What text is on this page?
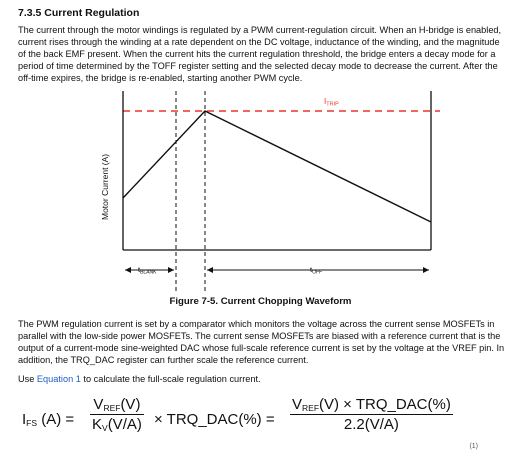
7.3.5 Current Regulation

The current through the motor windings is regulated by a PWM current-regulation circuit. When an H-bridge is enabled, current rises through the winding at a rate dependent on the DC voltage, inductance of the winding, and the magnitude of the back EMF present. When the current hits the current regulation threshold, the bridge enters a decay mode for a period of time determined by the TOFF register setting and the selected decay mode to decrease the current. After the off-time expires, the bridge is re-enabled, starting another PWM cycle.

ITRIP
Motor Current (A)
$t_{BLANK}$	$t_{OFF}$

Figure 7-5. Current Chopping Waveform

The PWM regulation current is set by a comparator which monitors the voltage across the current sense MOSFETs in parallel with the low-side power MOSFETs. The current sense MOSFETs are biased with a reference current that is the output of a current-mode sine-weighted DAC whose full-scale reference current is set by the voltage at the VREF pin. In addition, the TRQ_DAC register can further scale the reference current.

Use Equation 1 to calculate the full-scale regulation current.

$I_{FS}$ (A) =
$V_{REF}(V)$
$K_V(V/A)$ × TRQ_DAC(%) =
$V_{REF}(V)$ × TRQ_DAC(%)
2.2(V/A)
(1)
